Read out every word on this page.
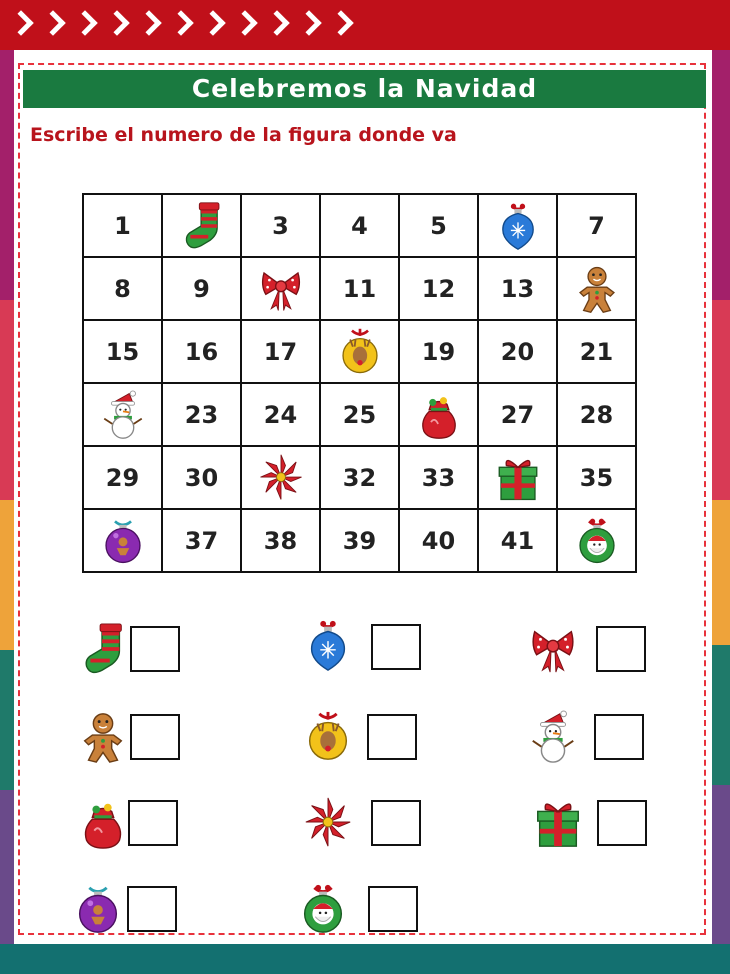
Celebremos la Navidad
Escribe el numero de la figura donde va
1		3	4	5		7
8	9		11	12	13	

15	16	17		19	20	21

	23	24	25		27	28
29	30		32	33		35

	37	38	39	40	41	
